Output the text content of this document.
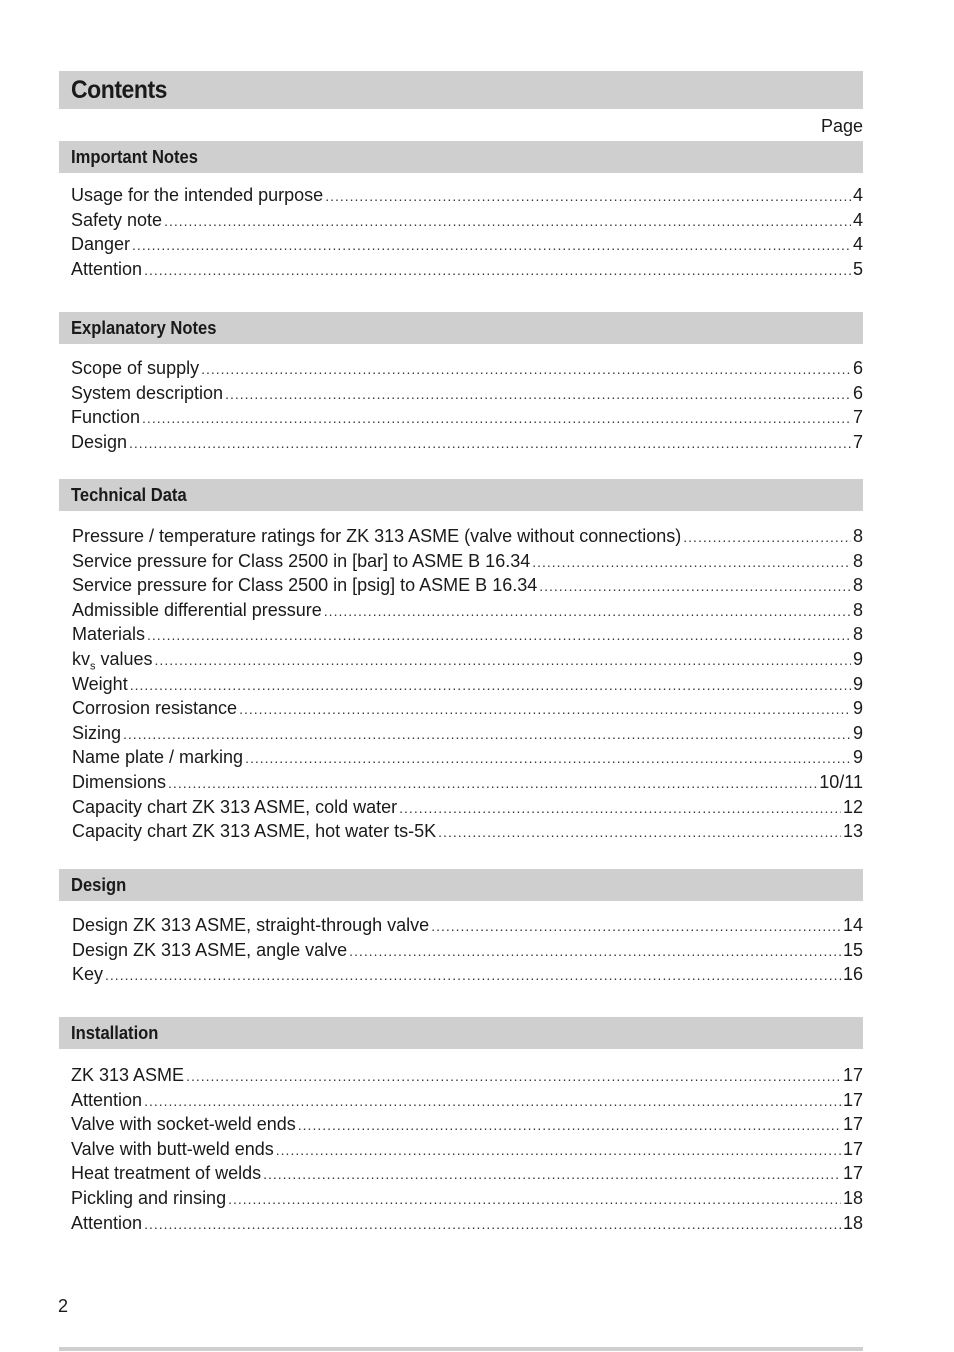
Contents
Page
Important Notes
Usage for the intended purpose .....	4
Safety note .....	4
Danger .....	4
Attention .....	5
Explanatory Notes
Scope of supply .....	6
System description .....	6
Function .....	7
Design .....	7
Technical Data
Pressure / temperature ratings for ZK 313 ASME (valve without connections) .....	8
Service pressure for Class 2500 in [bar] to ASME B 16.34 .....	8
Service pressure for Class 2500 in [psig] to ASME B 16.34 .....	8
Admissible differential pressure .....	8
Materials .....	8
$kv_s$ values .....	9
Weight .....	9
Corrosion resistance .....	9
Sizing .....	9
Name plate / marking .....	9
Dimensions .....	10/11
Capacity chart ZK 313 ASME, cold water .....	12
Capacity chart ZK 313 ASME, hot water ts-5K .....	13
Design
Design ZK 313 ASME, straight-through valve .....	14
Design ZK 313 ASME, angle valve .....	15
Key .....	16
Installation
ZK 313 ASME .....	17
Attention .....	17
Valve with socket-weld ends .....	17
Valve with butt-weld ends .....	17
Heat treatment of welds .....	17
Pickling and rinsing .....	18
Attention .....	18
2
